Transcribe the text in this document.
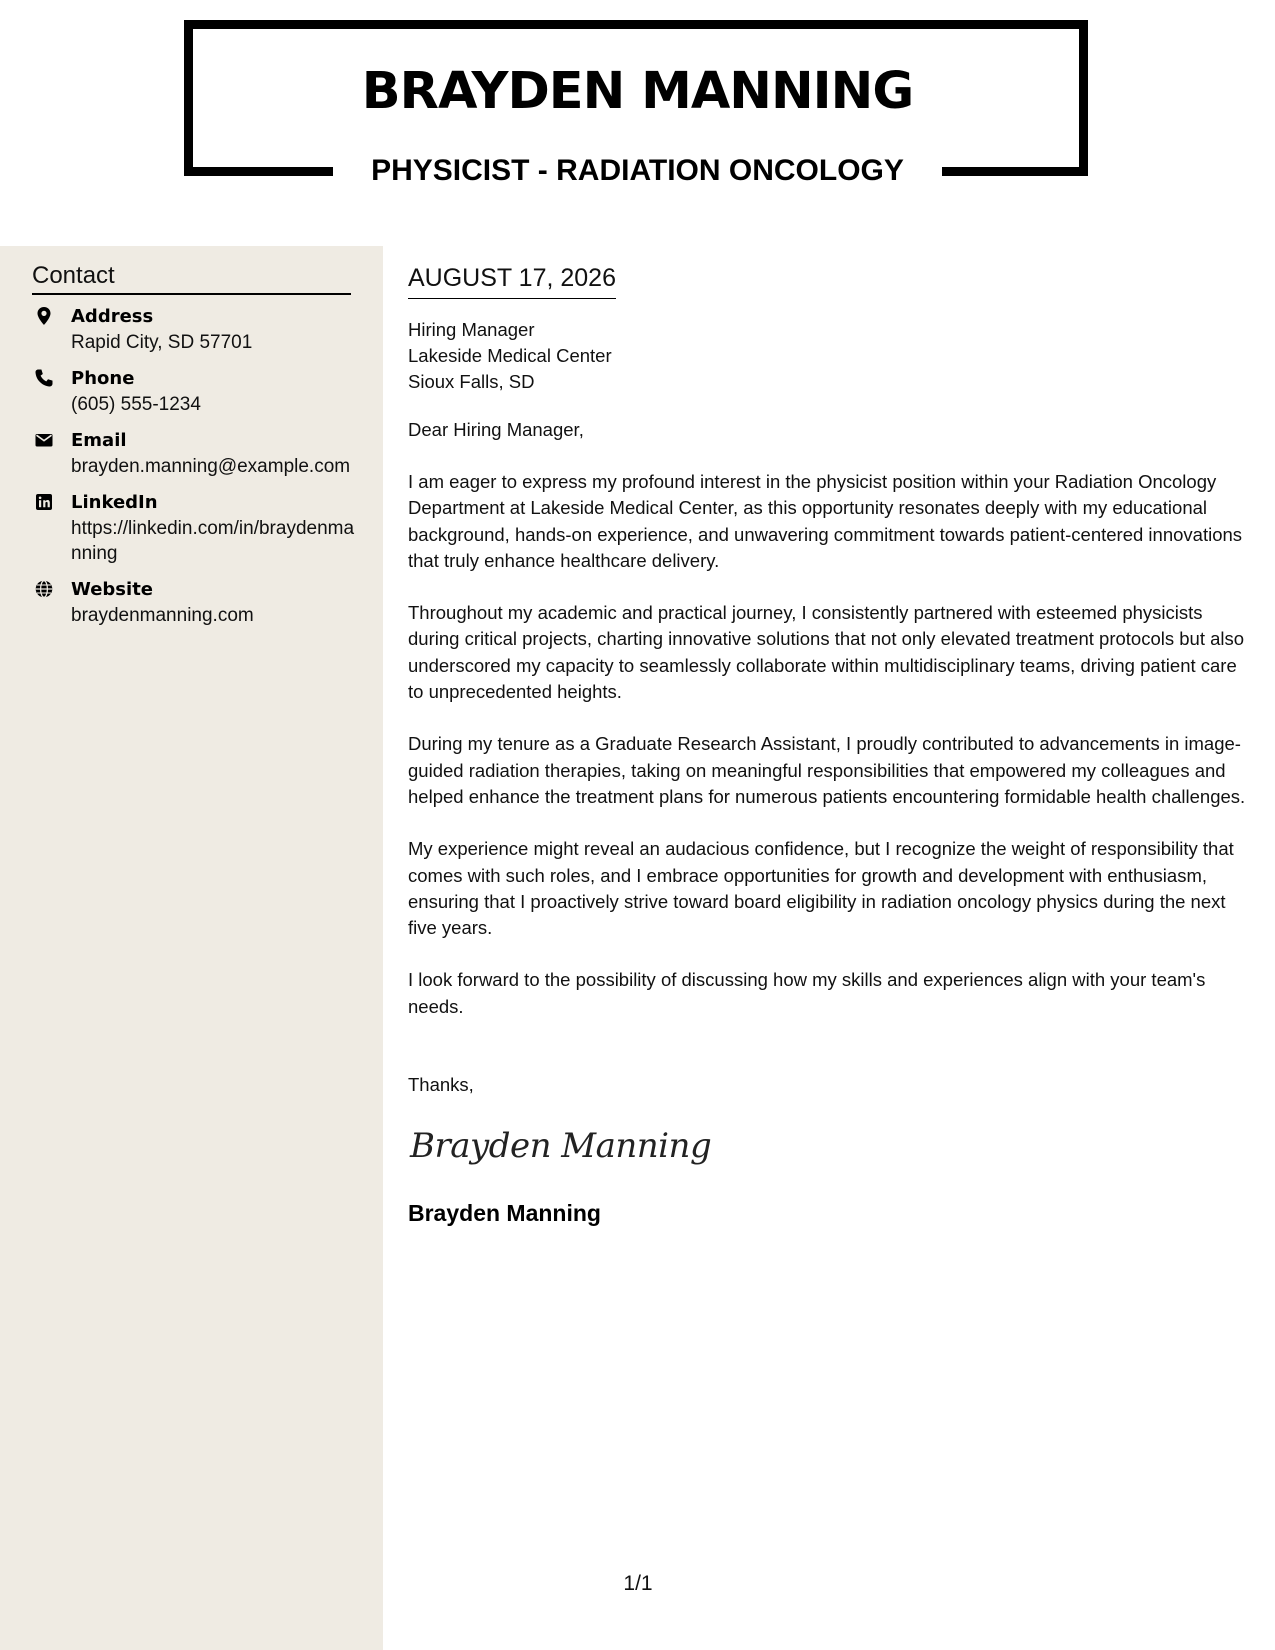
BRAYDEN MANNING
PHYSICIST - RADIATION ONCOLOGY
Contact
Address
Rapid City, SD 57701
Phone
(605) 555-1234
Email
brayden.manning@example.com
LinkedIn
https://linkedin.com/in/braydenmanning
Website
braydenmanning.com
AUGUST 17, 2026
Hiring Manager
Lakeside Medical Center
Sioux Falls, SD
Dear Hiring Manager,
I am eager to express my profound interest in the physicist position within your Radiation Oncology Department at Lakeside Medical Center, as this opportunity resonates deeply with my educational background, hands-on experience, and unwavering commitment towards patient-centered innovations that truly enhance healthcare delivery.
Throughout my academic and practical journey, I consistently partnered with esteemed physicists during critical projects, charting innovative solutions that not only elevated treatment protocols but also underscored my capacity to seamlessly collaborate within multidisciplinary teams, driving patient care to unprecedented heights.
During my tenure as a Graduate Research Assistant, I proudly contributed to advancements in image-guided radiation therapies, taking on meaningful responsibilities that empowered my colleagues and helped enhance the treatment plans for numerous patients encountering formidable health challenges.
My experience might reveal an audacious confidence, but I recognize the weight of responsibility that comes with such roles, and I embrace opportunities for growth and development with enthusiasm, ensuring that I proactively strive toward board eligibility in radiation oncology physics during the next five years.
I look forward to the possibility of discussing how my skills and experiences align with your team's needs.
Thanks,
Brayden Manning
Brayden Manning
1/1
